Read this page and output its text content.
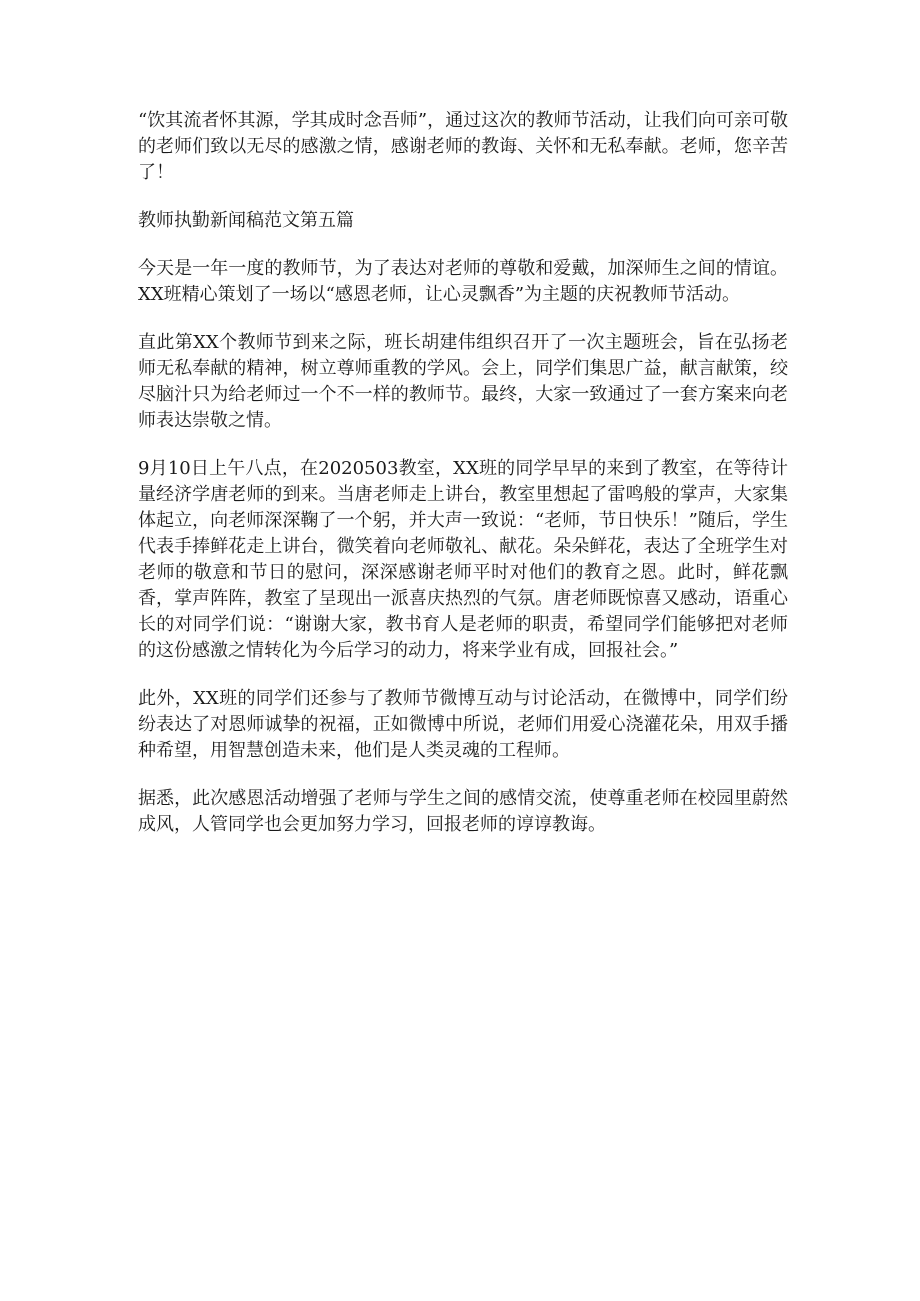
“饮其流者怀其源，学其成时念吾师”，通过这次的教师节活动，让我们向可亲可敬的老师们致以无尽的感激之情，感谢老师的教诲、关怀和无私奉献。老师，您辛苦了！

教师执勤新闻稿范文第五篇

今天是一年一度的教师节，为了表达对老师的尊敬和爱戴，加深师生之间的情谊。XX班精心策划了一场以“感恩老师，让心灵飘香”为主题的庆祝教师节活动。

直此第XX个教师节到来之际，班长胡建伟组织召开了一次主题班会，旨在弘扬老师无私奉献的精神，树立尊师重教的学风。会上，同学们集思广益，献言献策，绞尽脑汁只为给老师过一个不一样的教师节。最终，大家一致通过了一套方案来向老师表达崇敬之情。

9月10日上午八点，在2020503教室，XX班的同学早早的来到了教室，在等待计量经济学唐老师的到来。当唐老师走上讲台，教室里想起了雷鸣般的掌声，大家集体起立，向老师深深鞠了一个躬，并大声一致说：“老师，节日快乐！”随后，学生代表手捧鲜花走上讲台，微笑着向老师敬礼、献花。朵朵鲜花，表达了全班学生对老师的敬意和节日的慰问，深深感谢老师平时对他们的教育之恩。此时，鲜花飘香，掌声阵阵，教室了呈现出一派喜庆热烈的气氛。唐老师既惊喜又感动，语重心长的对同学们说：“谢谢大家，教书育人是老师的职责，希望同学们能够把对老师的这份感激之情转化为今后学习的动力，将来学业有成，回报社会。”

此外，XX班的同学们还参与了教师节微博互动与讨论活动，在微博中，同学们纷纷表达了对恩师诚挚的祝福，正如微博中所说，老师们用爱心浇灌花朵，用双手播种希望，用智慧创造未来，他们是人类灵魂的工程师。

据悉，此次感恩活动增强了老师与学生之间的感情交流，使尊重老师在校园里蔚然成风，人管同学也会更加努力学习，回报老师的谆谆教诲。
